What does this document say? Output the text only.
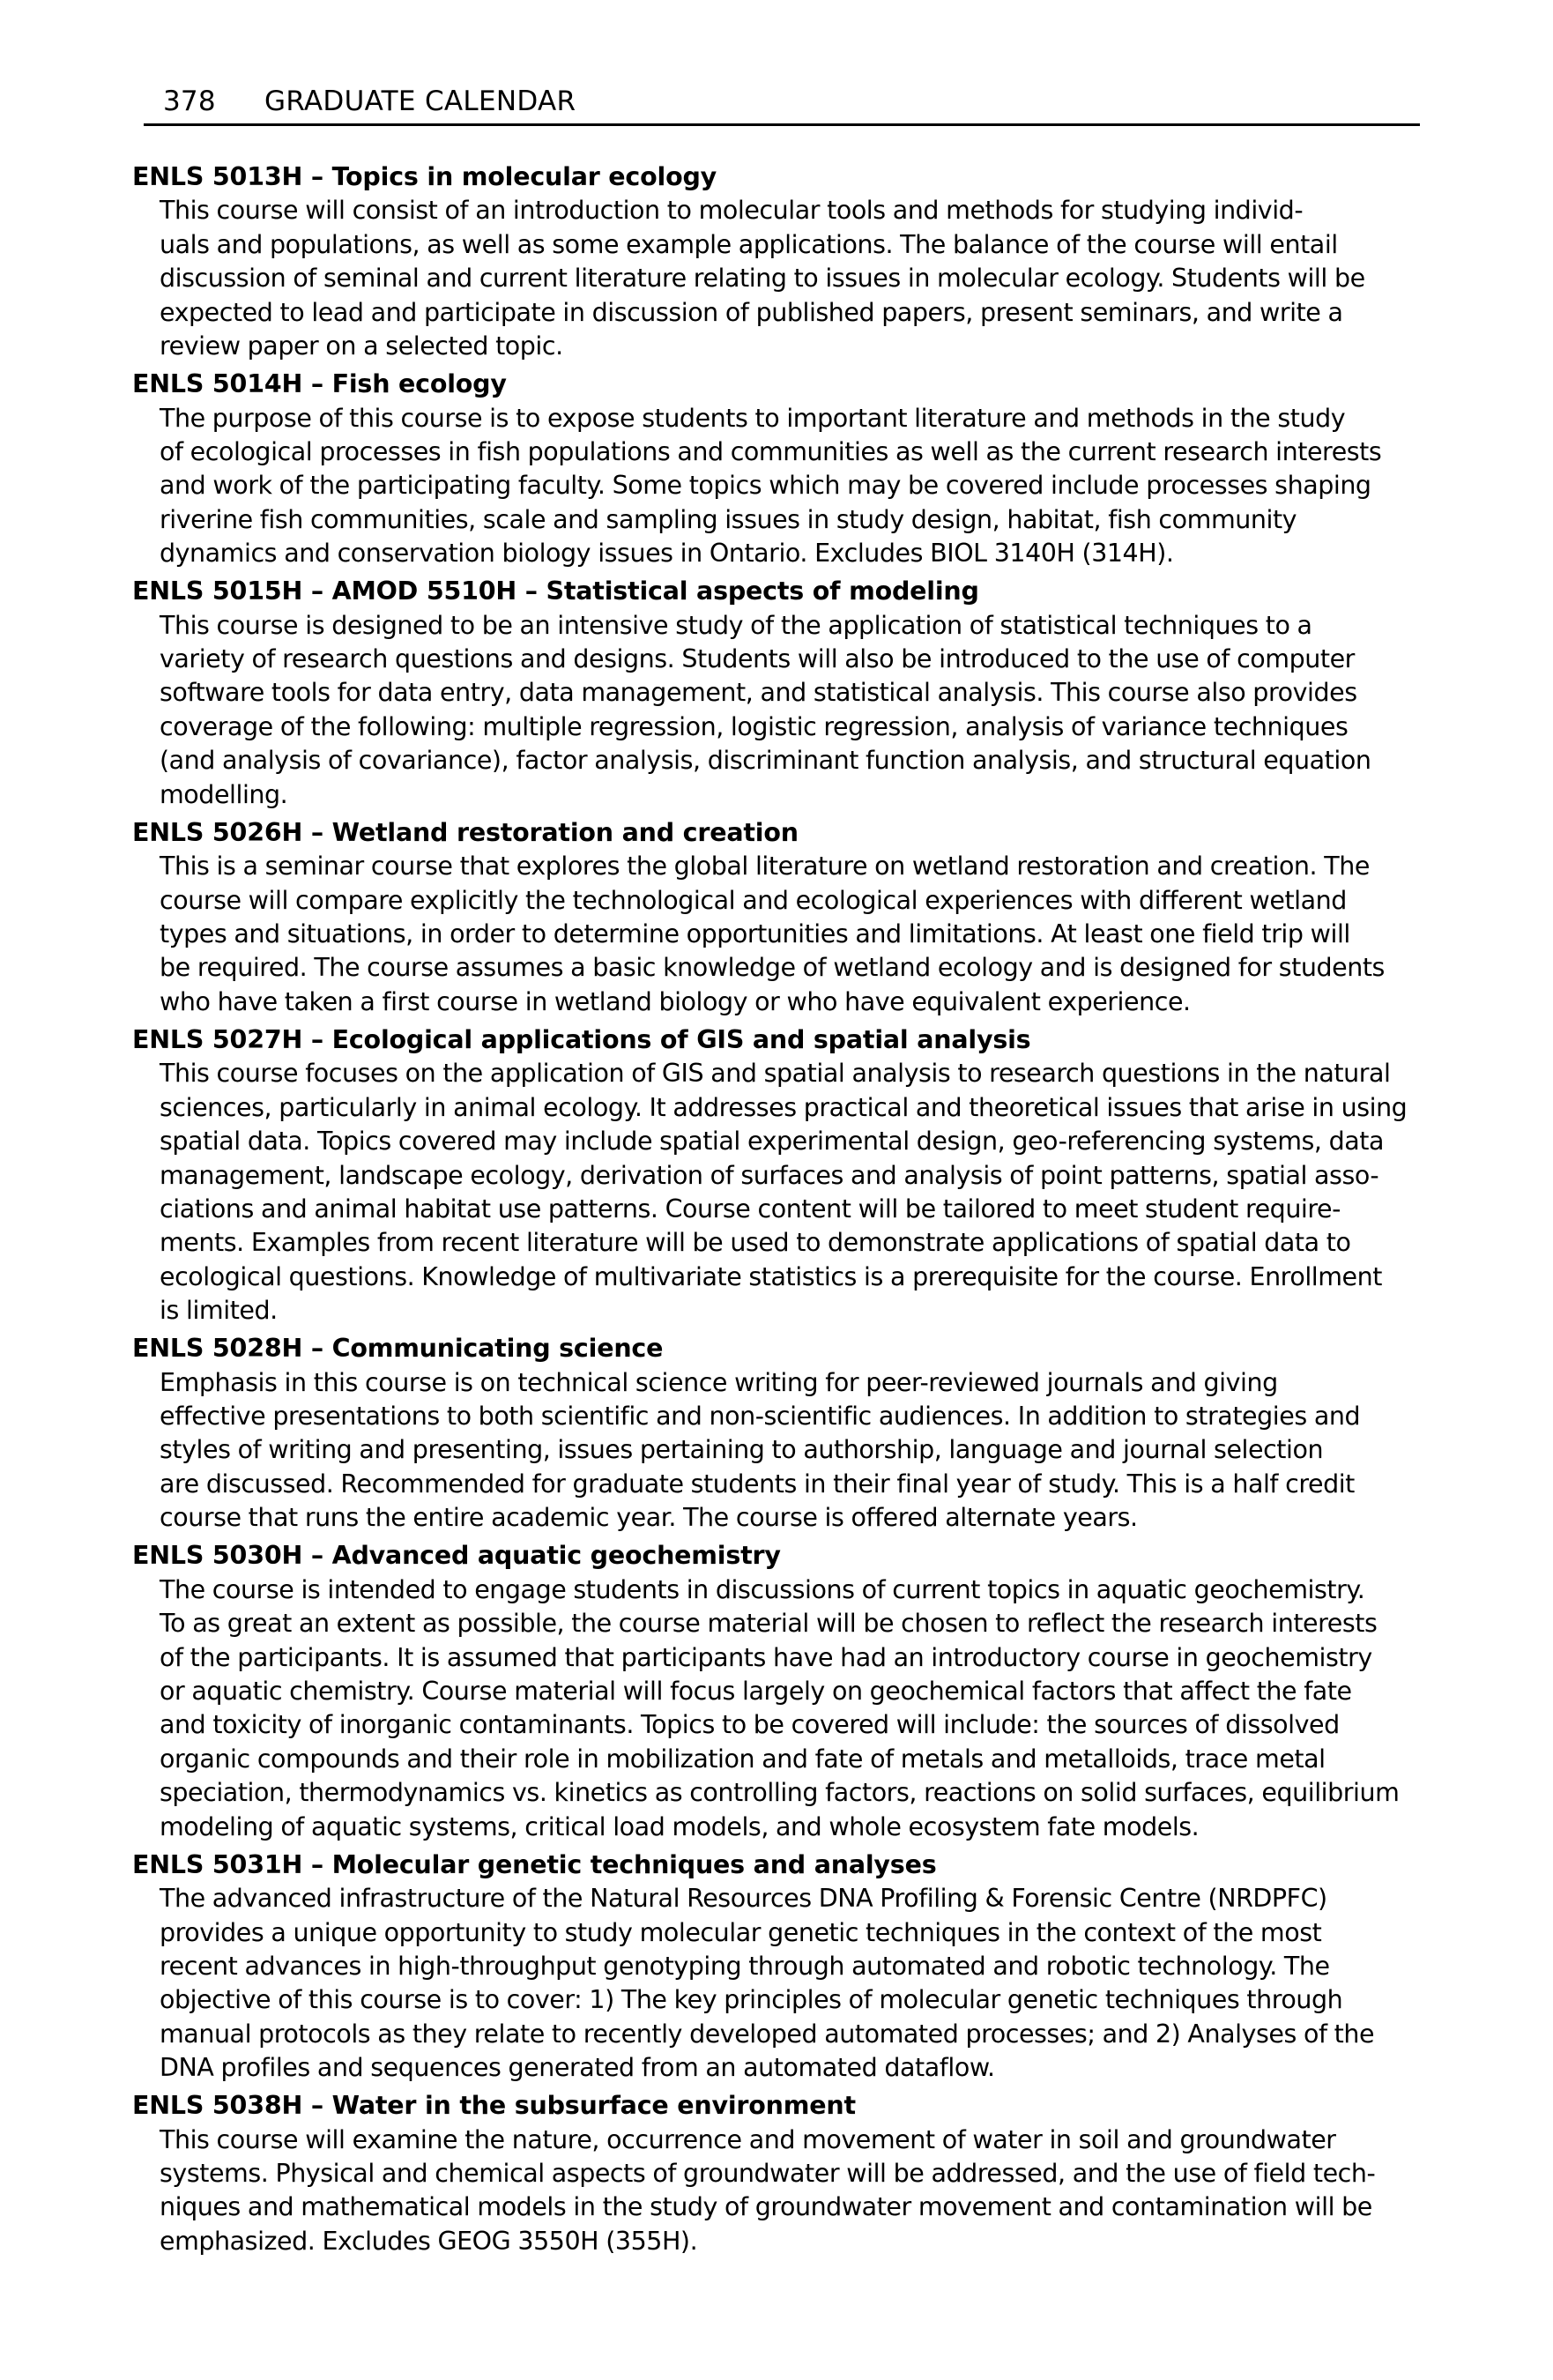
378 GRADUATE CALENDAR
ENLS 5013H – Topics in molecular ecology
This course will consist of an introduction to molecular tools and methods for studying individ-
uals and populations, as well as some example applications. The balance of the course will entail
discussion of seminal and current literature relating to issues in molecular ecology. Students will be
expected to lead and participate in discussion of published papers, present seminars, and write a
review paper on a selected topic.
ENLS 5014H – Fish ecology
The purpose of this course is to expose students to important literature and methods in the study
of ecological processes in fish populations and communities as well as the current research interests
and work of the participating faculty. Some topics which may be covered include processes shaping
riverine fish communities, scale and sampling issues in study design, habitat, fish community
dynamics and conservation biology issues in Ontario. Excludes BIOL 3140H (314H).
ENLS 5015H – AMOD 5510H – Statistical aspects of modeling
This course is designed to be an intensive study of the application of statistical techniques to a
variety of research questions and designs. Students will also be introduced to the use of computer
software tools for data entry, data management, and statistical analysis. This course also provides
coverage of the following: multiple regression, logistic regression, analysis of variance techniques
(and analysis of covariance), factor analysis, discriminant function analysis, and structural equation
modelling.
ENLS 5026H – Wetland restoration and creation
This is a seminar course that explores the global literature on wetland restoration and creation. The
course will compare explicitly the technological and ecological experiences with different wetland
types and situations, in order to determine opportunities and limitations. At least one field trip will
be required. The course assumes a basic knowledge of wetland ecology and is designed for students
who have taken a first course in wetland biology or who have equivalent experience.
ENLS 5027H – Ecological applications of GIS and spatial analysis
This course focuses on the application of GIS and spatial analysis to research questions in the natural
sciences, particularly in animal ecology. It addresses practical and theoretical issues that arise in using
spatial data. Topics covered may include spatial experimental design, geo-referencing systems, data
management, landscape ecology, derivation of surfaces and analysis of point patterns, spatial asso-
ciations and animal habitat use patterns. Course content will be tailored to meet student require-
ments. Examples from recent literature will be used to demonstrate applications of spatial data to
ecological questions. Knowledge of multivariate statistics is a prerequisite for the course. Enrollment
is limited.
ENLS 5028H – Communicating science
Emphasis in this course is on technical science writing for peer-reviewed journals and giving
effective presentations to both scientific and non-scientific audiences. In addition to strategies and
styles of writing and presenting, issues pertaining to authorship, language and journal selection
are discussed. Recommended for graduate students in their final year of study. This is a half credit
course that runs the entire academic year. The course is offered alternate years.
ENLS 5030H – Advanced aquatic geochemistry
The course is intended to engage students in discussions of current topics in aquatic geochemistry.
To as great an extent as possible, the course material will be chosen to reflect the research interests
of the participants. It is assumed that participants have had an introductory course in geochemistry
or aquatic chemistry. Course material will focus largely on geochemical factors that affect the fate
and toxicity of inorganic contaminants. Topics to be covered will include: the sources of dissolved
organic compounds and their role in mobilization and fate of metals and metalloids, trace metal
speciation, thermodynamics vs. kinetics as controlling factors, reactions on solid surfaces, equilibrium
modeling of aquatic systems, critical load models, and whole ecosystem fate models.
ENLS 5031H – Molecular genetic techniques and analyses
The advanced infrastructure of the Natural Resources DNA Profiling & Forensic Centre (NRDPFC)
provides a unique opportunity to study molecular genetic techniques in the context of the most
recent advances in high-throughput genotyping through automated and robotic technology. The
objective of this course is to cover: 1) The key principles of molecular genetic techniques through
manual protocols as they relate to recently developed automated processes; and 2) Analyses of the
DNA profiles and sequences generated from an automated dataflow.
ENLS 5038H – Water in the subsurface environment
This course will examine the nature, occurrence and movement of water in soil and groundwater
systems. Physical and chemical aspects of groundwater will be addressed, and the use of field tech-
niques and mathematical models in the study of groundwater movement and contamination will be
emphasized. Excludes GEOG 3550H (355H).
